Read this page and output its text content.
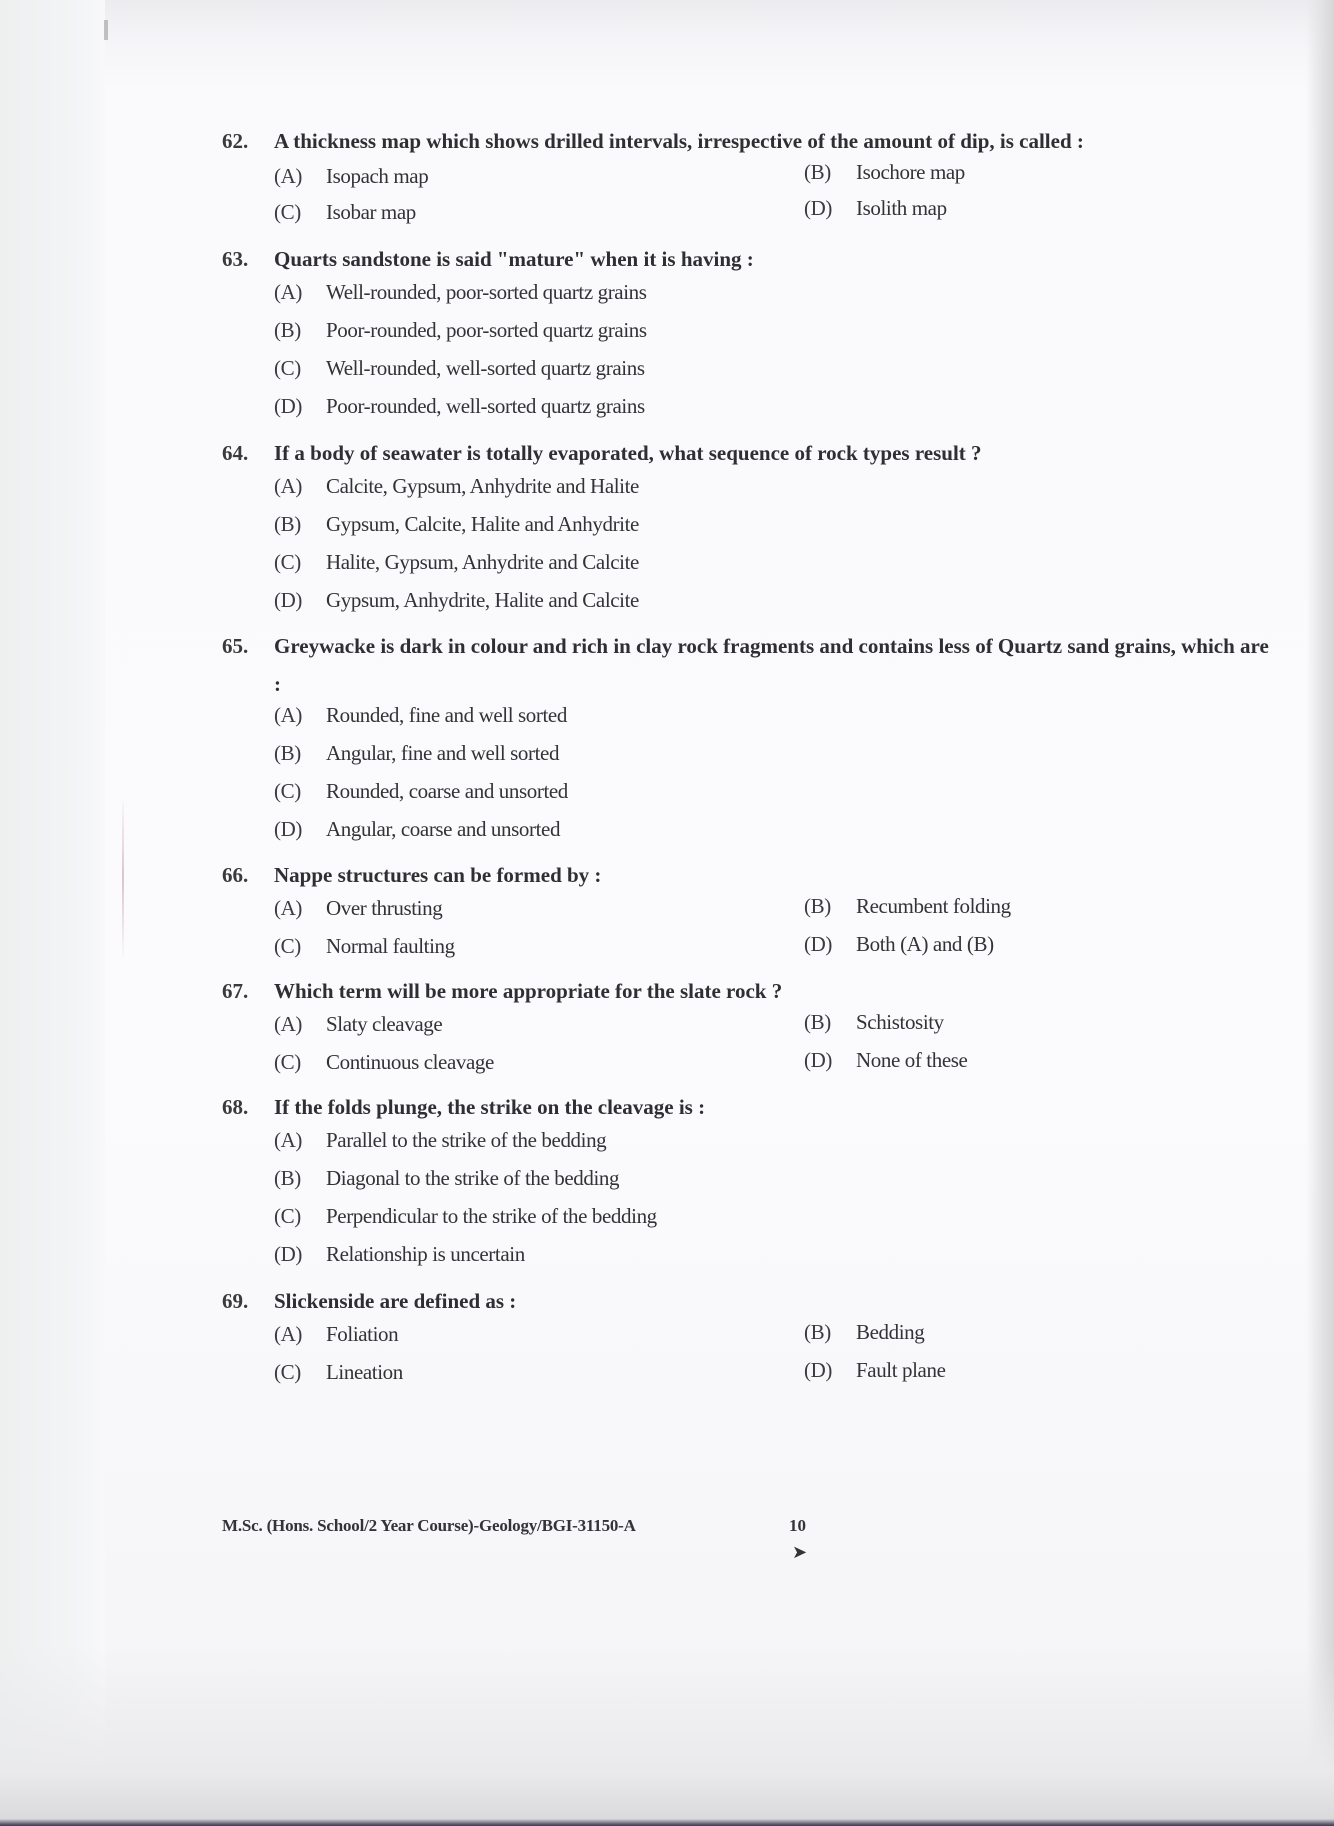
62.	A thickness map which shows drilled intervals, irrespective of the amount of dip, is called :
(A) Isopach map	(B) Isochore map
(C) Isobar map	(D) Isolith map
63.	Quarts sandstone is said "mature" when it is having :
(A) Well-rounded, poor-sorted quartz grains
(B) Poor-rounded, poor-sorted quartz grains
(C) Well-rounded, well-sorted quartz grains
(D) Poor-rounded, well-sorted quartz grains
64.	If a body of seawater is totally evaporated, what sequence of rock types result ?
(A) Calcite, Gypsum, Anhydrite and Halite
(B) Gypsum, Calcite, Halite and Anhydrite
(C) Halite, Gypsum, Anhydrite and Calcite
(D) Gypsum, Anhydrite, Halite and Calcite
65.	Greywacke is dark in colour and rich in clay rock fragments and contains less of Quartz sand grains, which are :
(A) Rounded, fine and well sorted
(B) Angular, fine and well sorted
(C) Rounded, coarse and unsorted
(D) Angular, coarse and unsorted
66.	Nappe structures can be formed by :
(A) Over thrusting	(B) Recumbent folding
(C) Normal faulting	(D) Both (A) and (B)
67.	Which term will be more appropriate for the slate rock ?
(A) Slaty cleavage	(B) Schistosity
(C) Continuous cleavage	(D) None of these
68.	If the folds plunge, the strike on the cleavage is :
(A) Parallel to the strike of the bedding
(B) Diagonal to the strike of the bedding
(C) Perpendicular to the strike of the bedding
(D) Relationship is uncertain
69.	Slickenside are defined as :
(A) Foliation	(B) Bedding
(C) Lineation	(D) Fault plane
M.Sc. (Hons. School/2 Year Course)-Geology/BGI-31150-A	10
➤
